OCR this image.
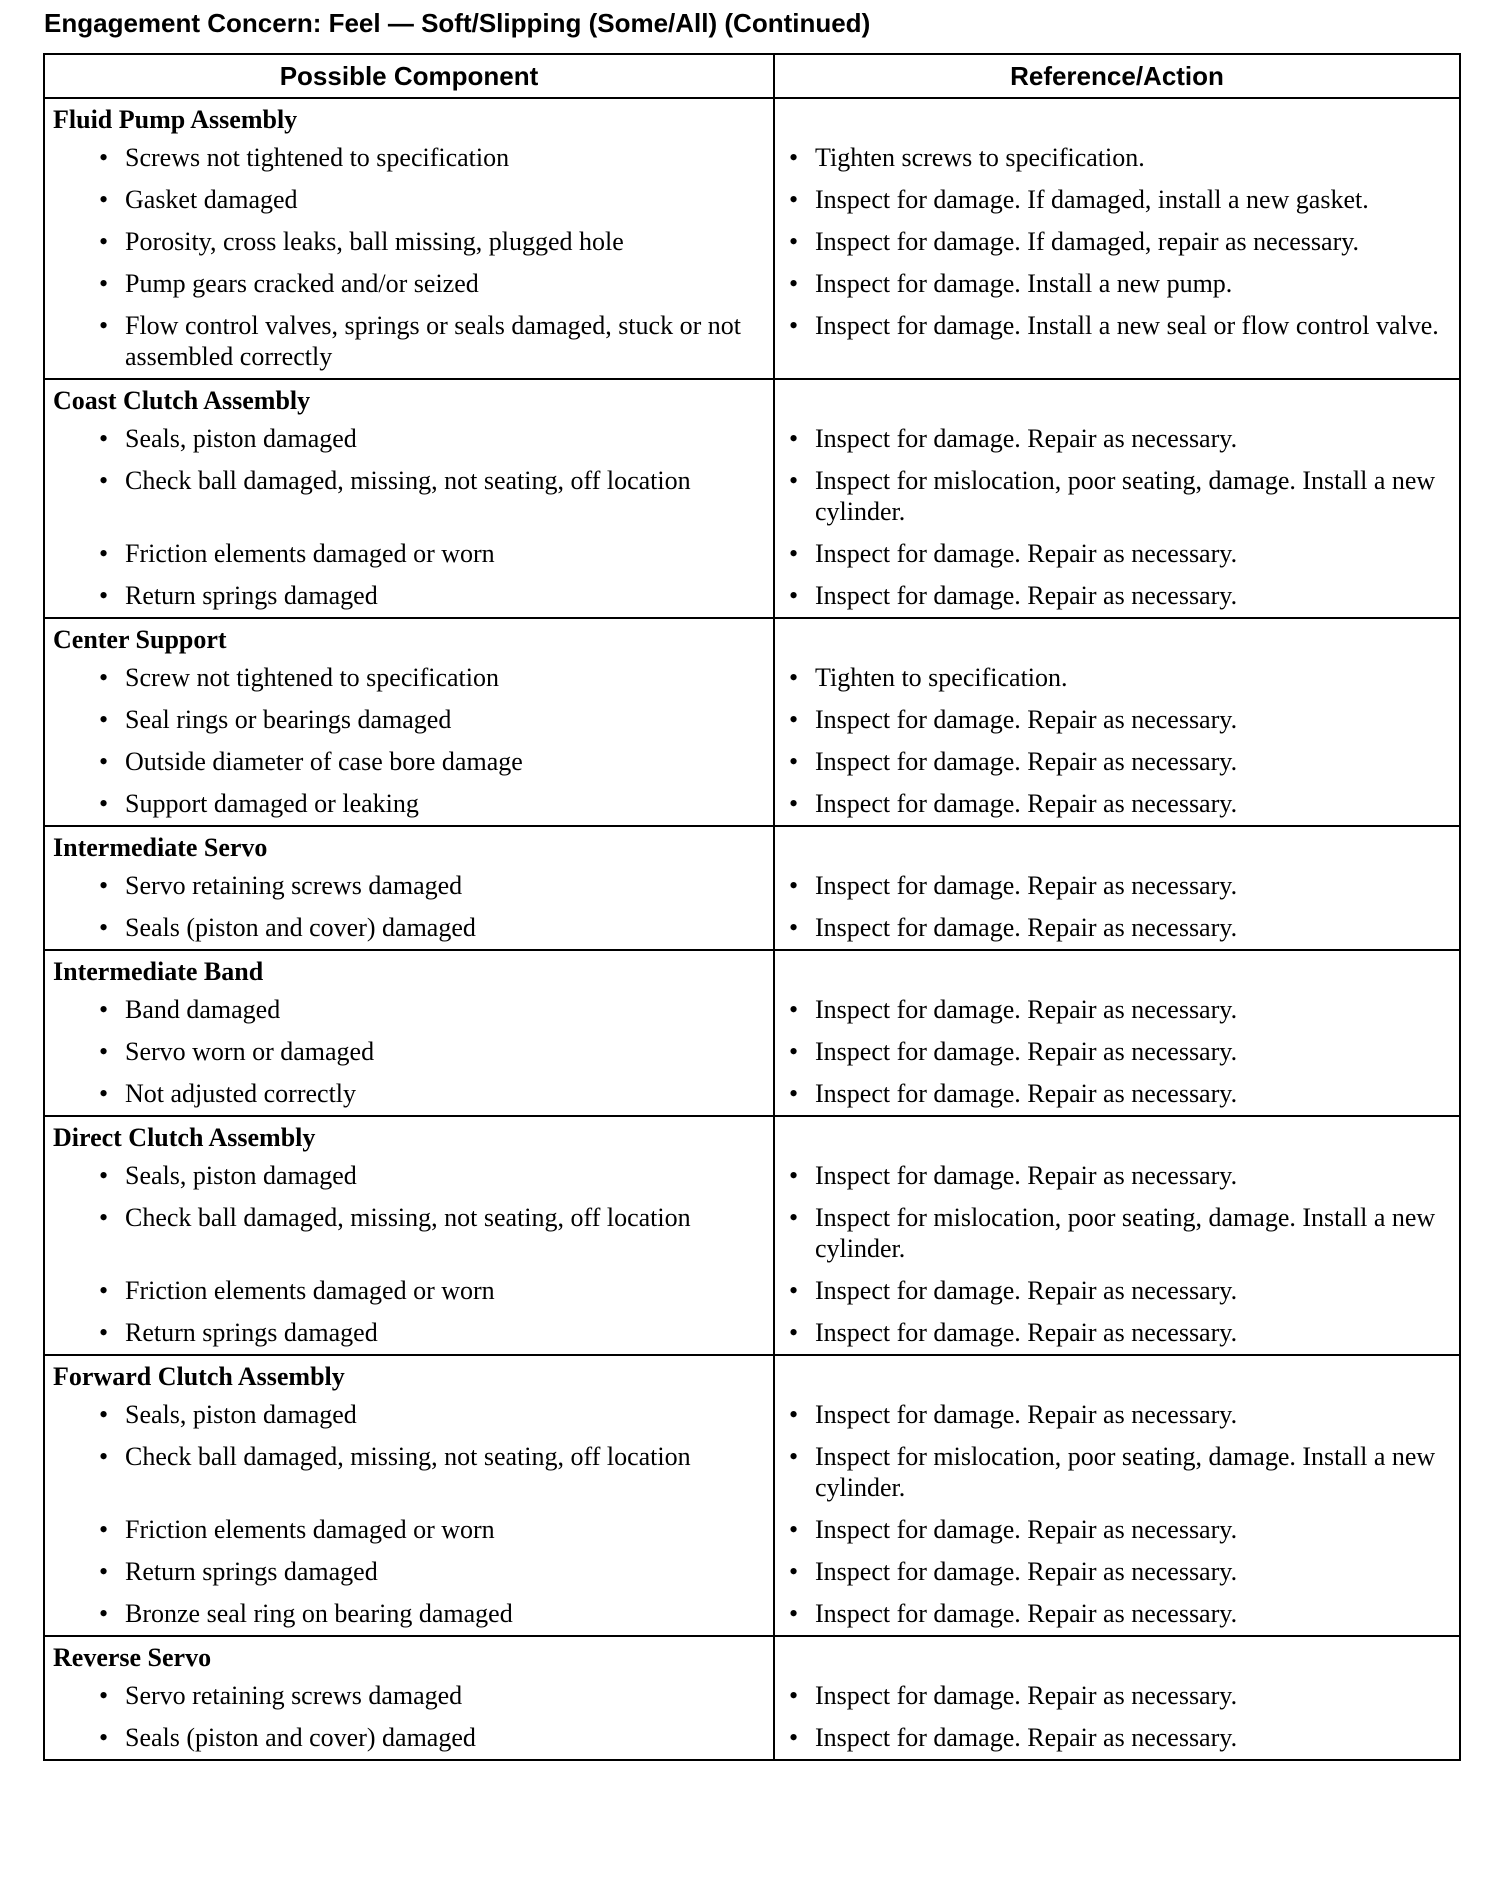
Engagement Concern: Feel — Soft/Slipping (Some/All) (Continued)
Possible Component	Reference/Action

Fluid Pump Assembly	

• Screws not tightened to specification	• Tighten screws to specification.

• Gasket damaged	• Inspect for damage. If damaged, install a new gasket.

• Porosity, cross leaks, ball missing, plugged hole	• Inspect for damage. If damaged, repair as necessary.

• Pump gears cracked and/or seized	• Inspect for damage. Install a new pump.

• Flow control valves, springs or seals damaged, stuck or not assembled correctly	• Inspect for damage. Install a new seal or flow control valve.

Coast Clutch Assembly	

• Seals, piston damaged	• Inspect for damage. Repair as necessary.

• Check ball damaged, missing, not seating, off location	• Inspect for mislocation, poor seating, damage. Install a new cylinder.

• Friction elements damaged or worn	• Inspect for damage. Repair as necessary.

• Return springs damaged	• Inspect for damage. Repair as necessary.

Center Support	

• Screw not tightened to specification	• Tighten to specification.

• Seal rings or bearings damaged	• Inspect for damage. Repair as necessary.

• Outside diameter of case bore damage	• Inspect for damage. Repair as necessary.

• Support damaged or leaking	• Inspect for damage. Repair as necessary.

Intermediate Servo	

• Servo retaining screws damaged	• Inspect for damage. Repair as necessary.

• Seals (piston and cover) damaged	• Inspect for damage. Repair as necessary.

Intermediate Band	

• Band damaged	• Inspect for damage. Repair as necessary.

• Servo worn or damaged	• Inspect for damage. Repair as necessary.

• Not adjusted correctly	• Inspect for damage. Repair as necessary.

Direct Clutch Assembly	

• Seals, piston damaged	• Inspect for damage. Repair as necessary.

• Check ball damaged, missing, not seating, off location	• Inspect for mislocation, poor seating, damage. Install a new cylinder.

• Friction elements damaged or worn	• Inspect for damage. Repair as necessary.

• Return springs damaged	• Inspect for damage. Repair as necessary.

Forward Clutch Assembly	

• Seals, piston damaged	• Inspect for damage. Repair as necessary.

• Check ball damaged, missing, not seating, off location	• Inspect for mislocation, poor seating, damage. Install a new cylinder.

• Friction elements damaged or worn	• Inspect for damage. Repair as necessary.

• Return springs damaged	• Inspect for damage. Repair as necessary.

• Bronze seal ring on bearing damaged	• Inspect for damage. Repair as necessary.

Reverse Servo	

• Servo retaining screws damaged	• Inspect for damage. Repair as necessary.

• Seals (piston and cover) damaged	• Inspect for damage. Repair as necessary.
